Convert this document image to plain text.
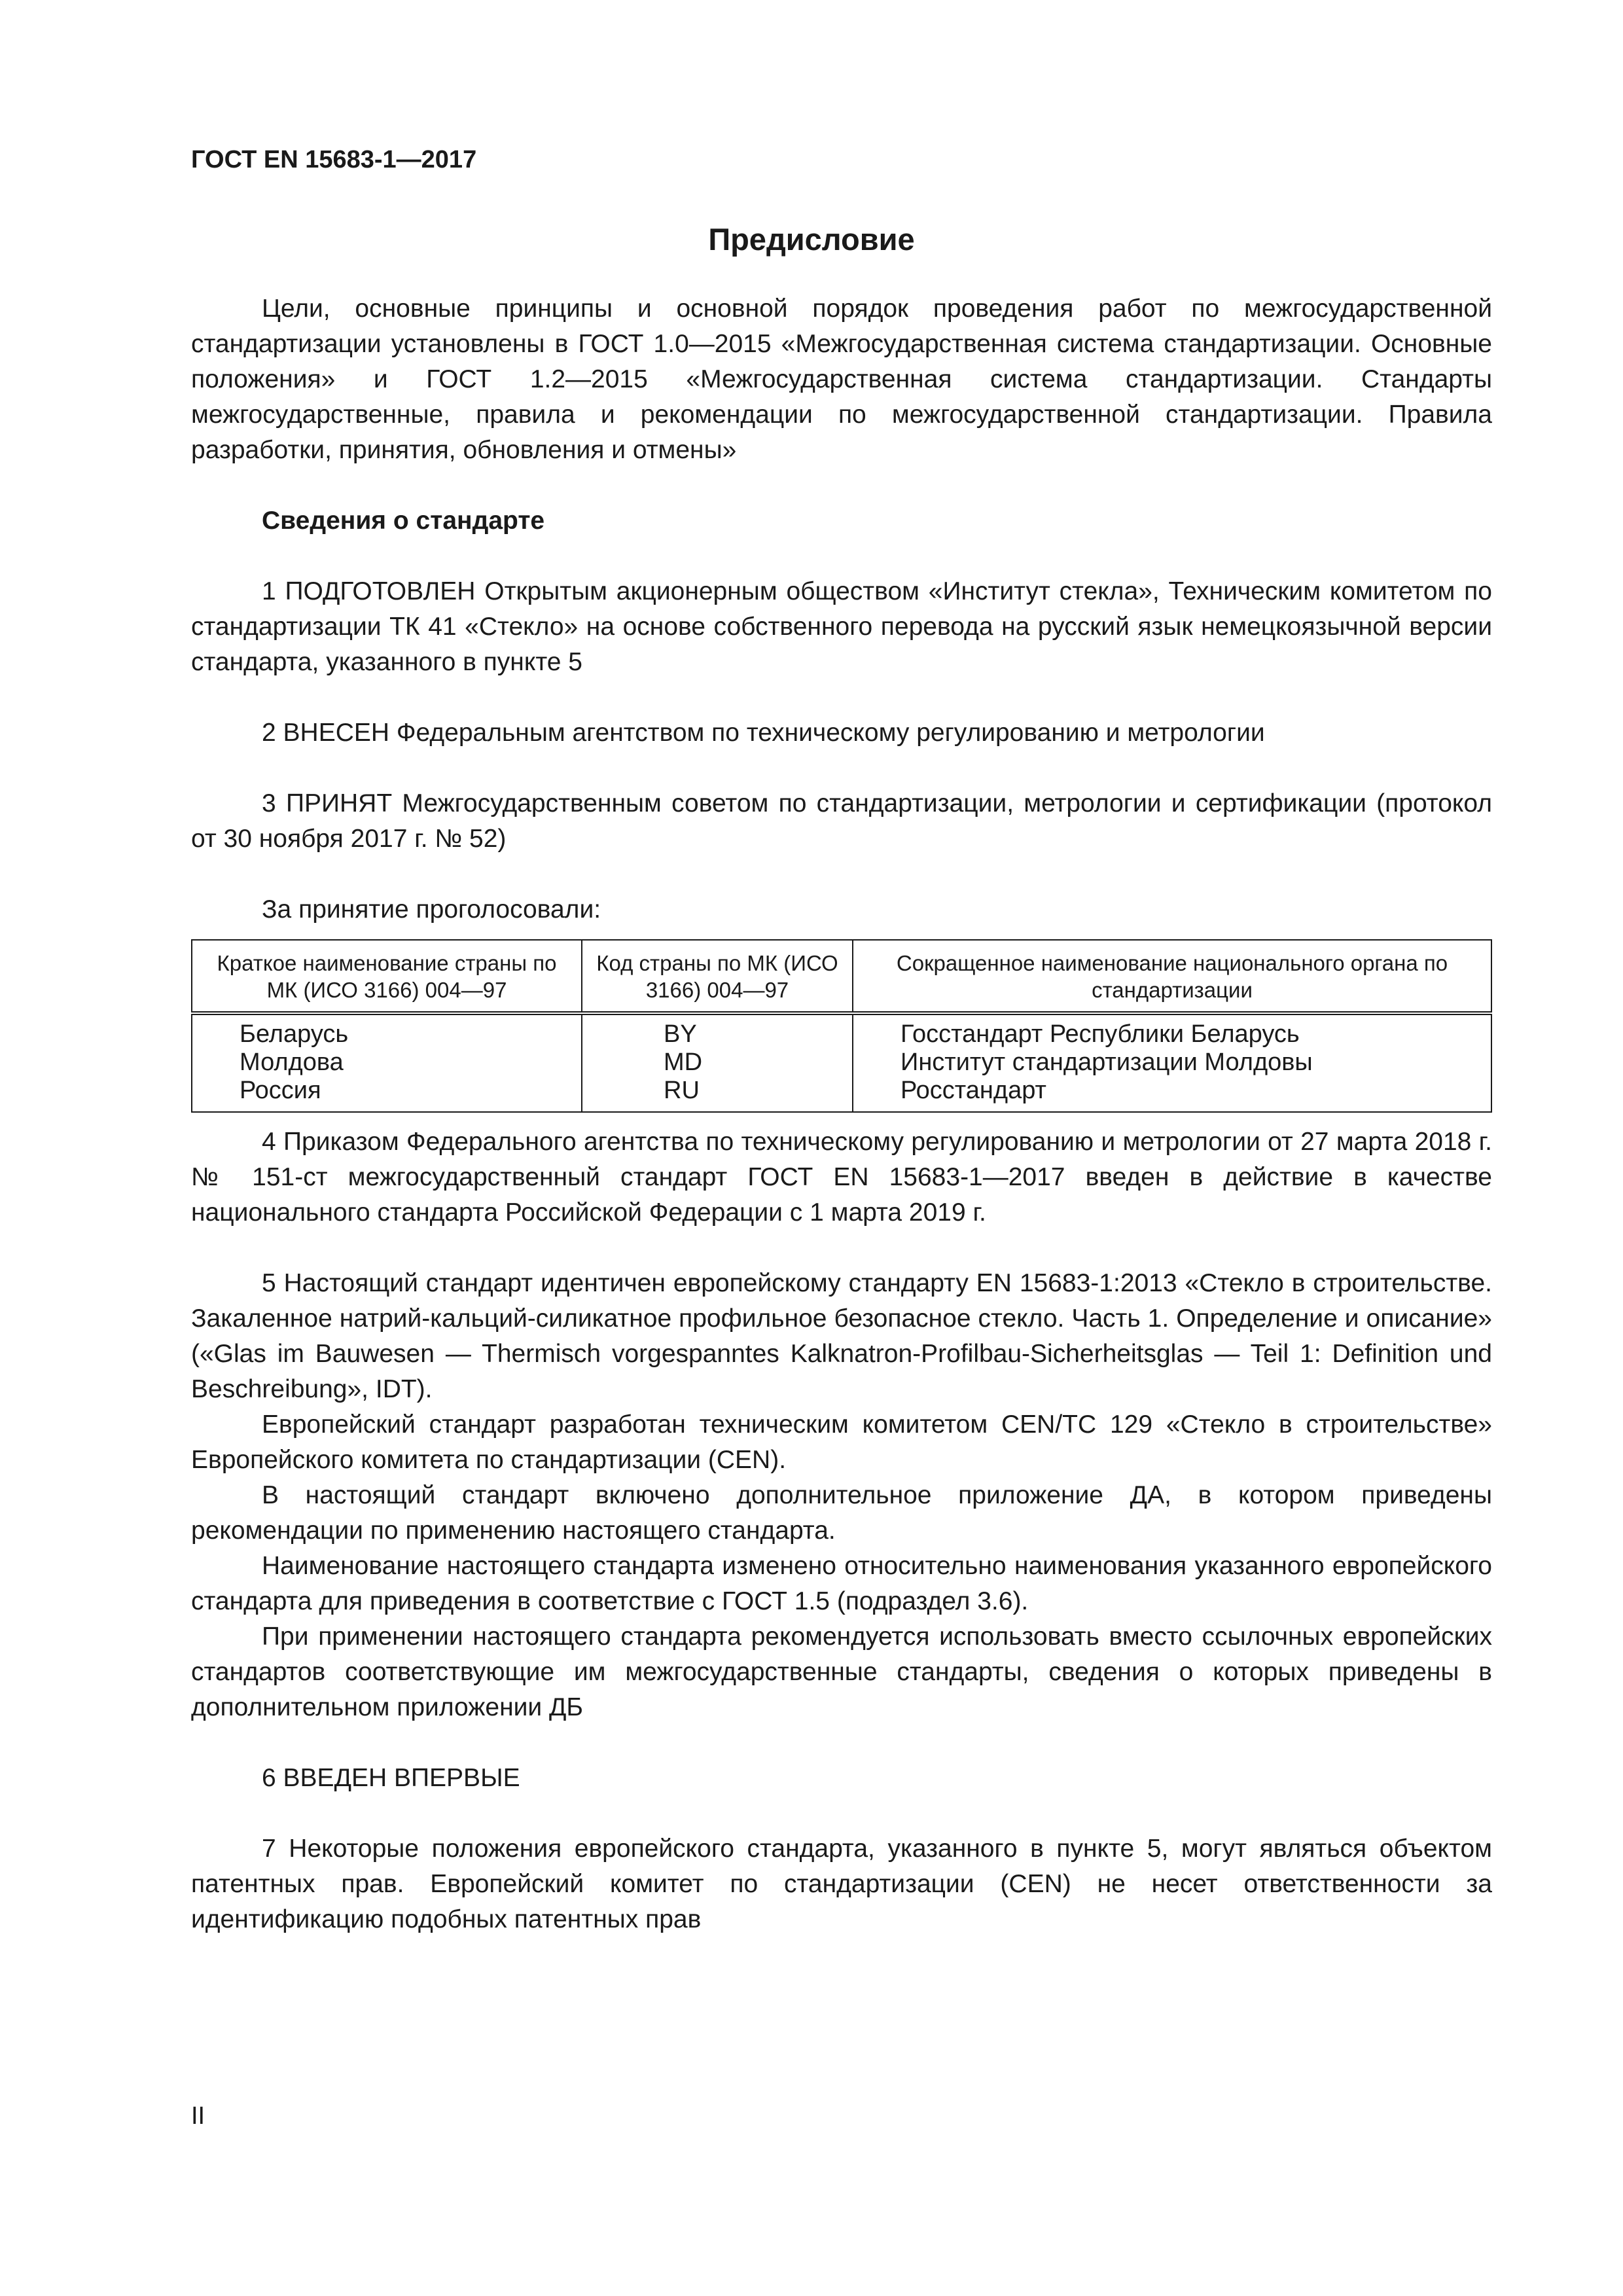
ГОСТ EN 15683-1—2017
Предисловие

Цели, основные принципы и основной порядок проведения работ по межгосударственной стандартизации установлены в ГОСТ 1.0—2015 «Межгосударственная система стандартизации. Основные положения» и ГОСТ 1.2—2015 «Межгосударственная система стандартизации. Стандарты межгосударственные, правила и рекомендации по межгосударственной стандартизации. Правила разработки, принятия, обновления и отмены»

Сведения о стандарте

1 ПОДГОТОВЛЕН Открытым акционерным обществом «Институт стекла», Техническим комитетом по стандартизации ТК 41 «Стекло» на основе собственного перевода на русский язык немецкоязычной версии стандарта, указанного в пункте 5

2 ВНЕСЕН Федеральным агентством по техническому регулированию и метрологии

3 ПРИНЯТ Межгосударственным советом по стандартизации, метрологии и сертификации (протокол от 30 ноября 2017 г. № 52)

За принятие проголосовали:

Краткое наименование страны по МК (ИСО 3166) 004—97	Код страны по МК (ИСО 3166) 004—97	Сокращенное наименование национального органа по стандартизации
Беларусь	BY	Госстандарт Республики Беларусь
Молдова	MD	Институт стандартизации Молдовы
Россия	RU	Росстандарт

4 Приказом Федерального агентства по техническому регулированию и метрологии от 27 марта 2018 г. № 151-ст межгосударственный стандарт ГОСТ EN 15683-1—2017 введен в действие в качестве национального стандарта Российской Федерации с 1 марта 2019 г.

5 Настоящий стандарт идентичен европейскому стандарту EN 15683-1:2013 «Стекло в строительстве. Закаленное натрий-кальций-силикатное профильное безопасное стекло. Часть 1. Определение и описание» («Glas im Bauwesen — Thermisch vorgespanntes Kalknatron-Profilbau-Sicherheitsglas — Teil 1: Definition und Beschreibung», IDT).

Европейский стандарт разработан техническим комитетом CEN/TC 129 «Стекло в строительстве» Европейского комитета по стандартизации (CEN).

В настоящий стандарт включено дополнительное приложение ДА, в котором приведены рекомендации по применению настоящего стандарта.

Наименование настоящего стандарта изменено относительно наименования указанного европейского стандарта для приведения в соответствие с ГОСТ 1.5 (подраздел 3.6).

При применении настоящего стандарта рекомендуется использовать вместо ссылочных европейских стандартов соответствующие им межгосударственные стандарты, сведения о которых приведены в дополнительном приложении ДБ

6 ВВЕДЕН ВПЕРВЫЕ

7 Некоторые положения европейского стандарта, указанного в пункте 5, могут являться объектом патентных прав. Европейский комитет по стандартизации (CEN) не несет ответственности за идентификацию подобных патентных прав

II
